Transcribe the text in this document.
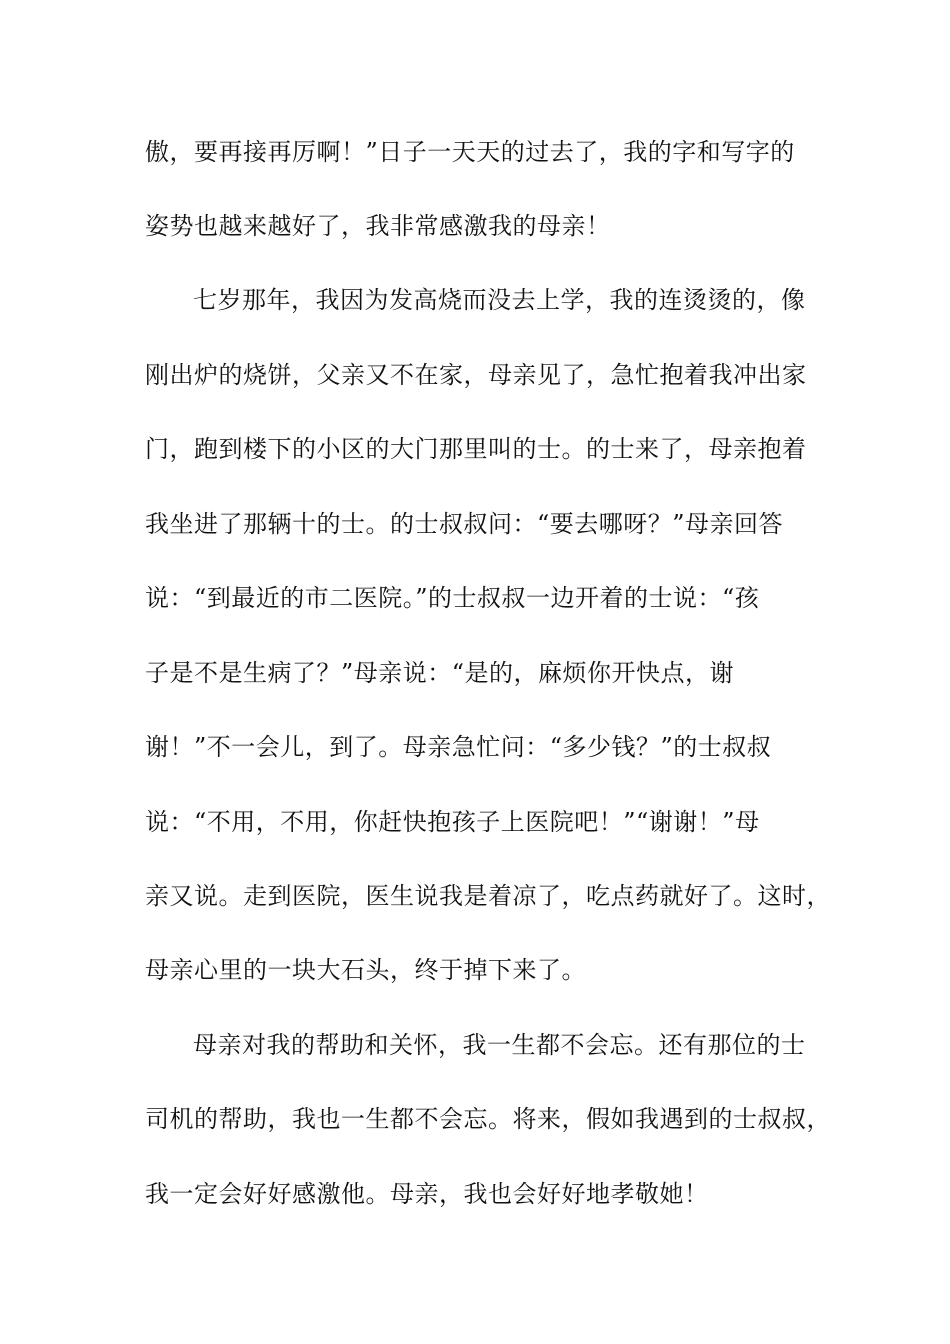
傲，要再接再厉啊！”日子一天天的过去了，我的字和写字的
姿势也越来越好了，我非常感激我的母亲！
七岁那年，我因为发高烧而没去上学，我的连烫烫的，像
刚出炉的烧饼，父亲又不在家，母亲见了，急忙抱着我冲出家
门，跑到楼下的小区的大门那里叫的士。的士来了，母亲抱着
我坐进了那辆十的士。的士叔叔问：“要去哪呀？”母亲回答
说：“到最近的市二医院。”的士叔叔一边开着的士说：“孩
子是不是生病了？”母亲说：“是的，麻烦你开快点，谢
谢！”不一会儿，到了。母亲急忙问：“多少钱？”的士叔叔
说：“不用，不用，你赶快抱孩子上医院吧！”“谢谢！”母
亲又说。走到医院，医生说我是着凉了，吃点药就好了。这时，
母亲心里的一块大石头，终于掉下来了。
母亲对我的帮助和关怀，我一生都不会忘。还有那位的士
司机的帮助，我也一生都不会忘。将来，假如我遇到的士叔叔，
我一定会好好感激他。母亲，我也会好好地孝敬她！
